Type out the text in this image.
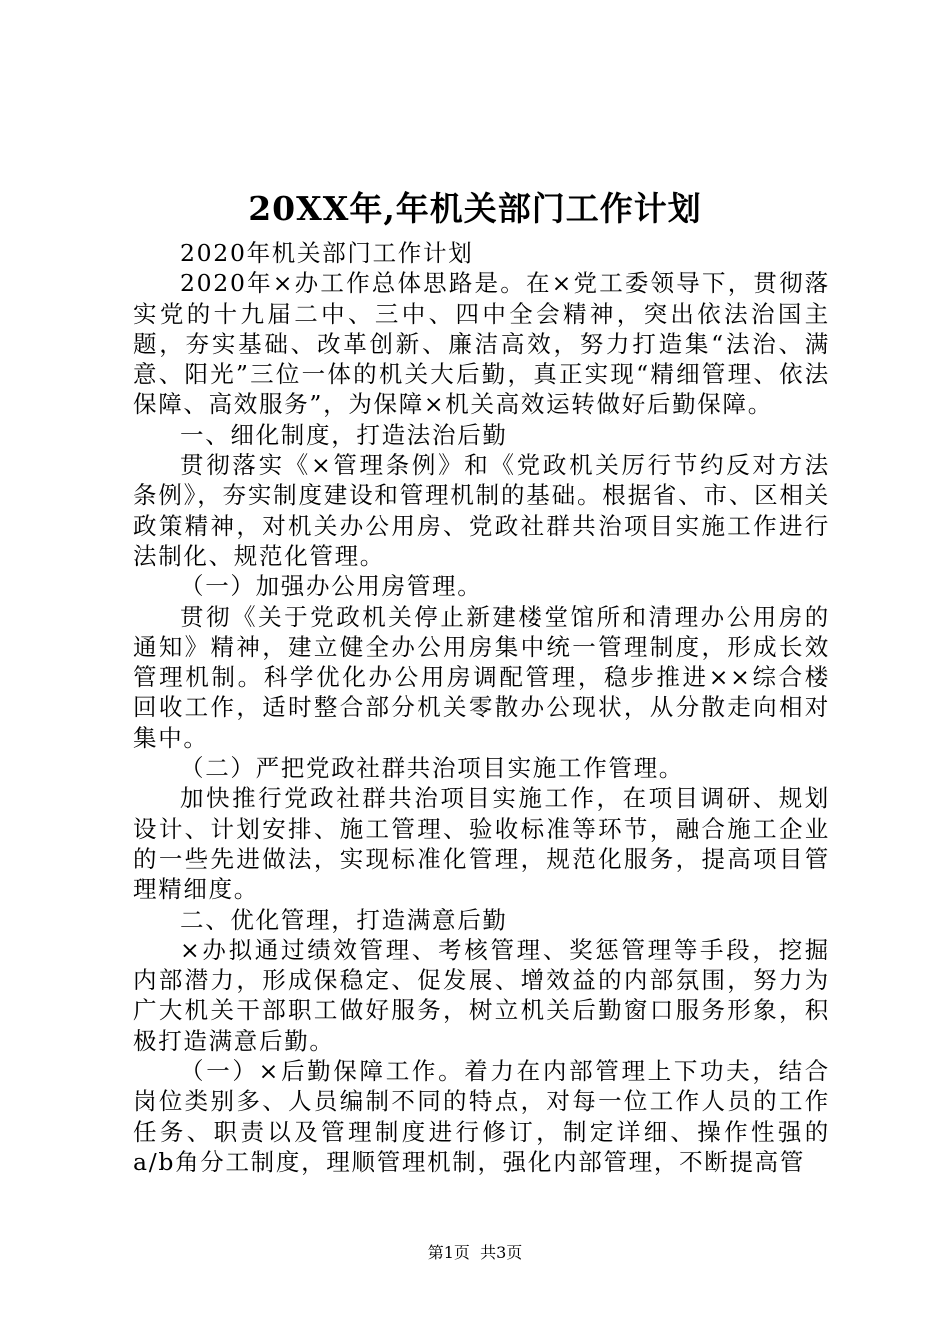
20XX年,年机关部门工作计划

2020年机关部门工作计划

2020年×办工作总体思路是。在×党工委领导下，贯彻落实党的十九届二中、三中、四中全会精神，突出依法治国主题，夯实基础、改革创新、廉洁高效，努力打造集“法治、满意、阳光”三位一体的机关大后勤，真正实现“精细管理、依法保障、高效服务”，为保障×机关高效运转做好后勤保障。

一、细化制度，打造法治后勤

贯彻落实《×管理条例》和《党政机关厉行节约反对方法条例》，夯实制度建设和管理机制的基础。根据省、市、区相关政策精神，对机关办公用房、党政社群共治项目实施工作进行法制化、规范化管理。

（一）加强办公用房管理。

贯彻《关于党政机关停止新建楼堂馆所和清理办公用房的通知》精神，建立健全办公用房集中统一管理制度，形成长效管理机制。科学优化办公用房调配管理，稳步推进××综合楼回收工作，适时整合部分机关零散办公现状，从分散走向相对集中。

（二）严把党政社群共治项目实施工作管理。

加快推行党政社群共治项目实施工作，在项目调研、规划设计、计划安排、施工管理、验收标准等环节，融合施工企业的一些先进做法，实现标准化管理，规范化服务，提高项目管理精细度。

二、优化管理，打造满意后勤

×办拟通过绩效管理、考核管理、奖惩管理等手段，挖掘内部潜力，形成保稳定、促发展、增效益的内部氛围，努力为广大机关干部职工做好服务，树立机关后勤窗口服务形象，积极打造满意后勤。

（一）×后勤保障工作。着力在内部管理上下功夫，结合岗位类别多、人员编制不同的特点，对每一位工作人员的工作任务、职责以及管理制度进行修订，制定详细、操作性强的a/b角分工制度，理顺管理机制，强化内部管理，不断提高管

第1页  共3页
